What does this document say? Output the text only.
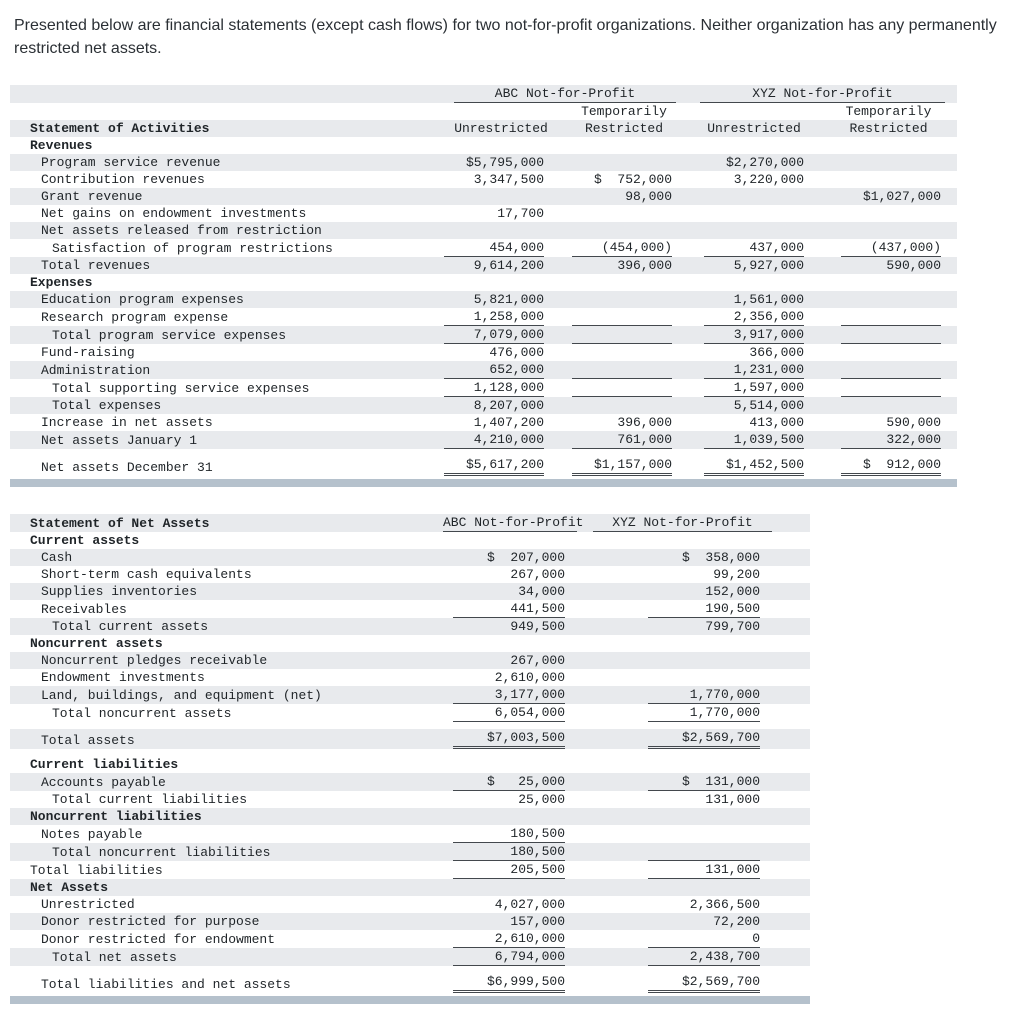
Presented below are financial statements (except cash flows) for two not-for-profit organizations. Neither organization has any permanently restricted net assets.

	ABC Not-for-Profit		XYZ Not-for-Profit	

		Temporarily		Temporarily
Statement of Activities	Unrestricted	Restricted	Unrestricted	Restricted
Revenues				
Program service revenue	$5,795,000		$2,270,000	
Contribution revenues	3,347,500	$  752,000	3,220,000	
Grant revenue		98,000		$1,027,000
Net gains on endowment investments	17,700			
Net assets released from restriction				
Satisfaction of program restrictions	454,000	(454,000)	437,000	(437,000)
Total revenues	9,614,200	396,000	5,927,000	590,000
Expenses				
Education program expenses	5,821,000		1,561,000	
Research program expense	1,258,000		2,356,000	
Total program service expenses	7,079,000		3,917,000	
Fund-raising	476,000		366,000	
Administration	652,000		1,231,000	
Total supporting service expenses	1,128,000		1,597,000	
Total expenses	8,207,000		5,514,000	
Increase in net assets	1,407,200	396,000	413,000	590,000
Net assets January 1	4,210,000	761,000	1,039,500	322,000

Net assets December 31	$5,617,200	$1,157,000	$1,452,500	$  912,000
Statement of Net Assets	ABC Not-for-Profit	XYZ Not-for-Profit	

Current assets			
Cash	$  207,000	$  358,000	
Short-term cash equivalents	267,000	99,200	
Supplies inventories	34,000	152,000	
Receivables	441,500	190,500	
Total current assets	949,500	799,700	
Noncurrent assets			
Noncurrent pledges receivable	267,000		
Endowment investments	2,610,000		
Land, buildings, and equipment (net)	3,177,000	1,770,000	
Total noncurrent assets	6,054,000	1,770,000	

Total assets	$7,003,500	$2,569,700	

Current liabilities			
Accounts payable	$   25,000	$  131,000	
Total current liabilities	25,000	131,000	
Noncurrent liabilities			
Notes payable	180,500		
Total noncurrent liabilities	180,500		
Total liabilities	205,500	131,000	
Net Assets			
Unrestricted	4,027,000	2,366,500	
Donor restricted for purpose	157,000	72,200	
Donor restricted for endowment	2,610,000	0	
Total net assets	6,794,000	2,438,700	

Total liabilities and net assets	$6,999,500	$2,569,700	
